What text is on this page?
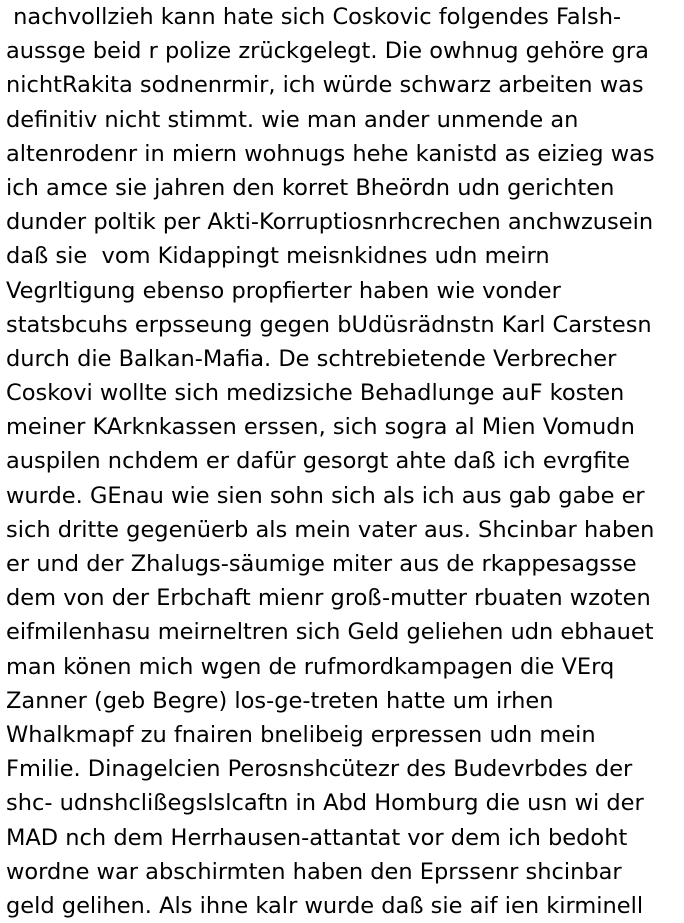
nachvollzieh kann hate sich Coskovic folgendes Falsh-
aussge beid r polize zrückgelegt. Die owhnug gehöre gra
nichtRakita sodnenrmir, ich würde schwarz arbeiten was
definitiv nicht stimmt. wie man ander unmende an
altenrodenr in miern wohnugs hehe kanistd as eizieg was
ich amce sie jahren den korret Bheördn udn gerichten
dunder poltik per Akti-Korruptiosnrhcrechen anchwzusein
daß sie  vom Kidappingt meisnkidnes udn meirn
Vegrltigung ebenso propfierter haben wie vonder
statsbcuhs erpsseung gegen bUdüsrädnstn Karl Carstesn
durch die Balkan-Mafia. De schtrebietende Verbrecher
Coskovi wollte sich medizsiche Behadlunge auF kosten
meiner KArknkassen erssen, sich sogra al Mien Vomudn
auspilen nchdem er dafür gesorgt ahte daß ich evrgfite
wurde. GEnau wie sien sohn sich als ich aus gab gabe er
sich dritte gegenüerb als mein vater aus. Shcinbar haben
er und der Zhalugs-säumige miter aus de rkappesagsse
dem von der Erbchaft mienr groß-mutter rbuaten wzoten
eifmilenhasu meirneltren sich Geld geliehen udn ebhauet
man könen mich wgen de rufmordkampagen die VErq
Zanner (geb Begre) los-ge-treten hatte um irhen
Whalkmapf zu fnairen bnelibeig erpressen udn mein
Fmilie. Dinagelcien Perosnshcütezr des Budevrbdes der
shc- udnshclißegslslcaftn in Abd Homburg die usn wi der
MAD nch dem Herrhausen-attantat vor dem ich bedoht
wordne war abschirmten haben den Eprssenr shcinbar
geld gelihen. Als ihne kalr wurde daß sie aif ien kirminell
